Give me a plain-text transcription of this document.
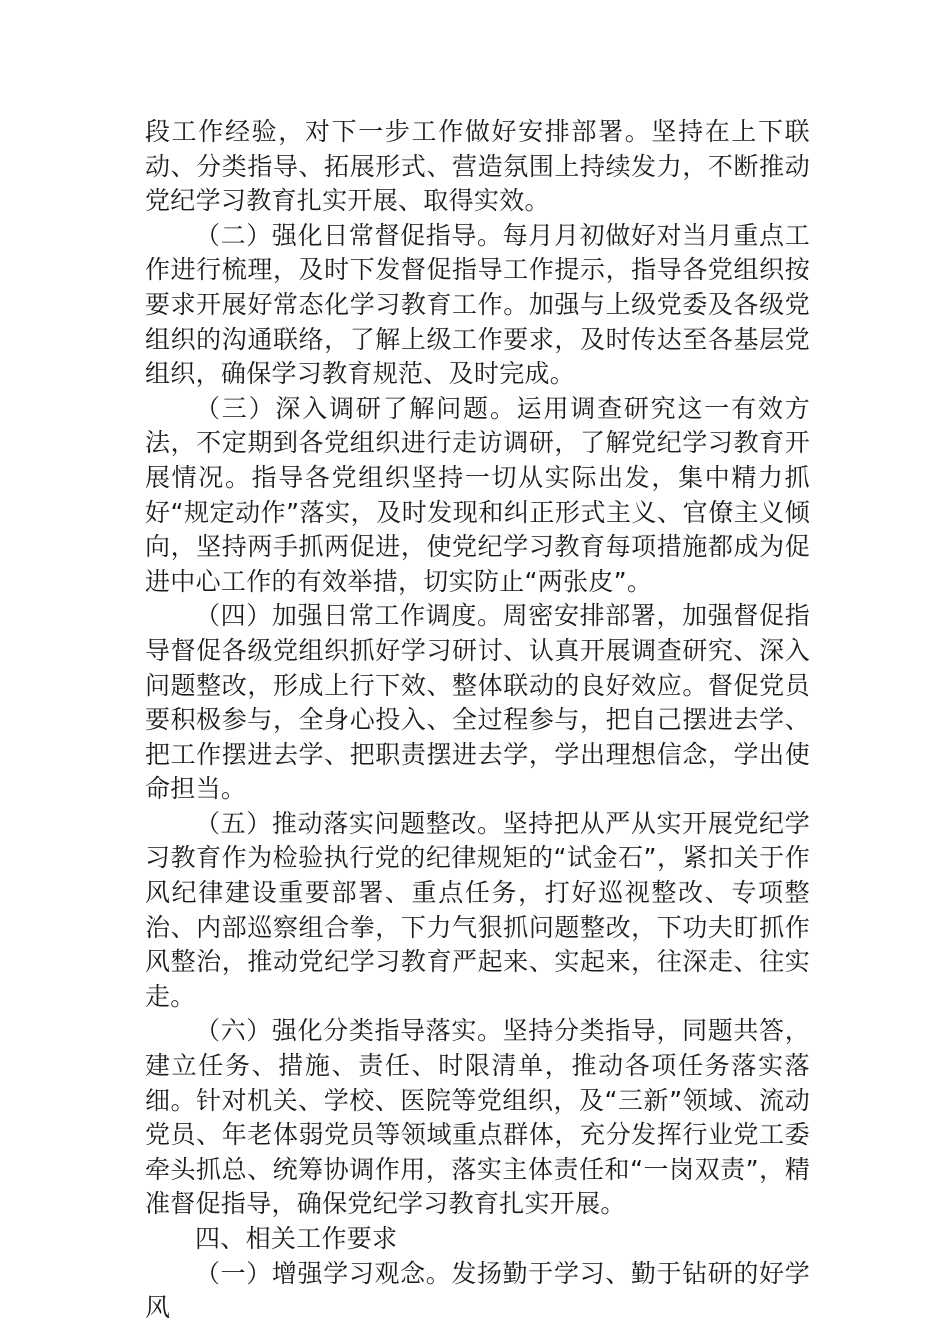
段工作经验，对下一步工作做好安排部署。坚持在上下联动、分类指导、拓展形式、营造氛围上持续发力，不断推动党纪学习教育扎实开展、取得实效。

（二）强化日常督促指导。每月月初做好对当月重点工作进行梳理，及时下发督促指导工作提示，指导各党组织按要求开展好常态化学习教育工作。加强与上级党委及各级党组织的沟通联络，了解上级工作要求，及时传达至各基层党组织，确保学习教育规范、及时完成。

（三）深入调研了解问题。运用调查研究这一有效方法，不定期到各党组织进行走访调研，了解党纪学习教育开展情况。指导各党组织坚持一切从实际出发，集中精力抓好“规定动作”落实，及时发现和纠正形式主义、官僚主义倾向，坚持两手抓两促进，使党纪学习教育每项措施都成为促进中心工作的有效举措，切实防止“两张皮”。

（四）加强日常工作调度。周密安排部署，加强督促指导督促各级党组织抓好学习研讨、认真开展调查研究、深入问题整改，形成上行下效、整体联动的良好效应。督促党员要积极参与，全身心投入、全过程参与，把自己摆进去学、把工作摆进去学、把职责摆进去学，学出理想信念，学出使命担当。

（五）推动落实问题整改。坚持把从严从实开展党纪学习教育作为检验执行党的纪律规矩的“试金石”，紧扣关于作风纪律建设重要部署、重点任务，打好巡视整改、专项整治、内部巡察组合拳，下力气狠抓问题整改，下功夫盯抓作风整治，推动党纪学习教育严起来、实起来，往深走、往实走。

（六）强化分类指导落实。坚持分类指导，同题共答，建立任务、措施、责任、时限清单，推动各项任务落实落细。针对机关、学校、医院等党组织，及“三新”领域、流动党员、年老体弱党员等领域重点群体，充分发挥行业党工委牵头抓总、统筹协调作用，落实主体责任和“一岗双责”，精准督促指导，确保党纪学习教育扎实开展。

四、相关工作要求

（一）增强学习观念。发扬勤于学习、勤于钻研的好学风
